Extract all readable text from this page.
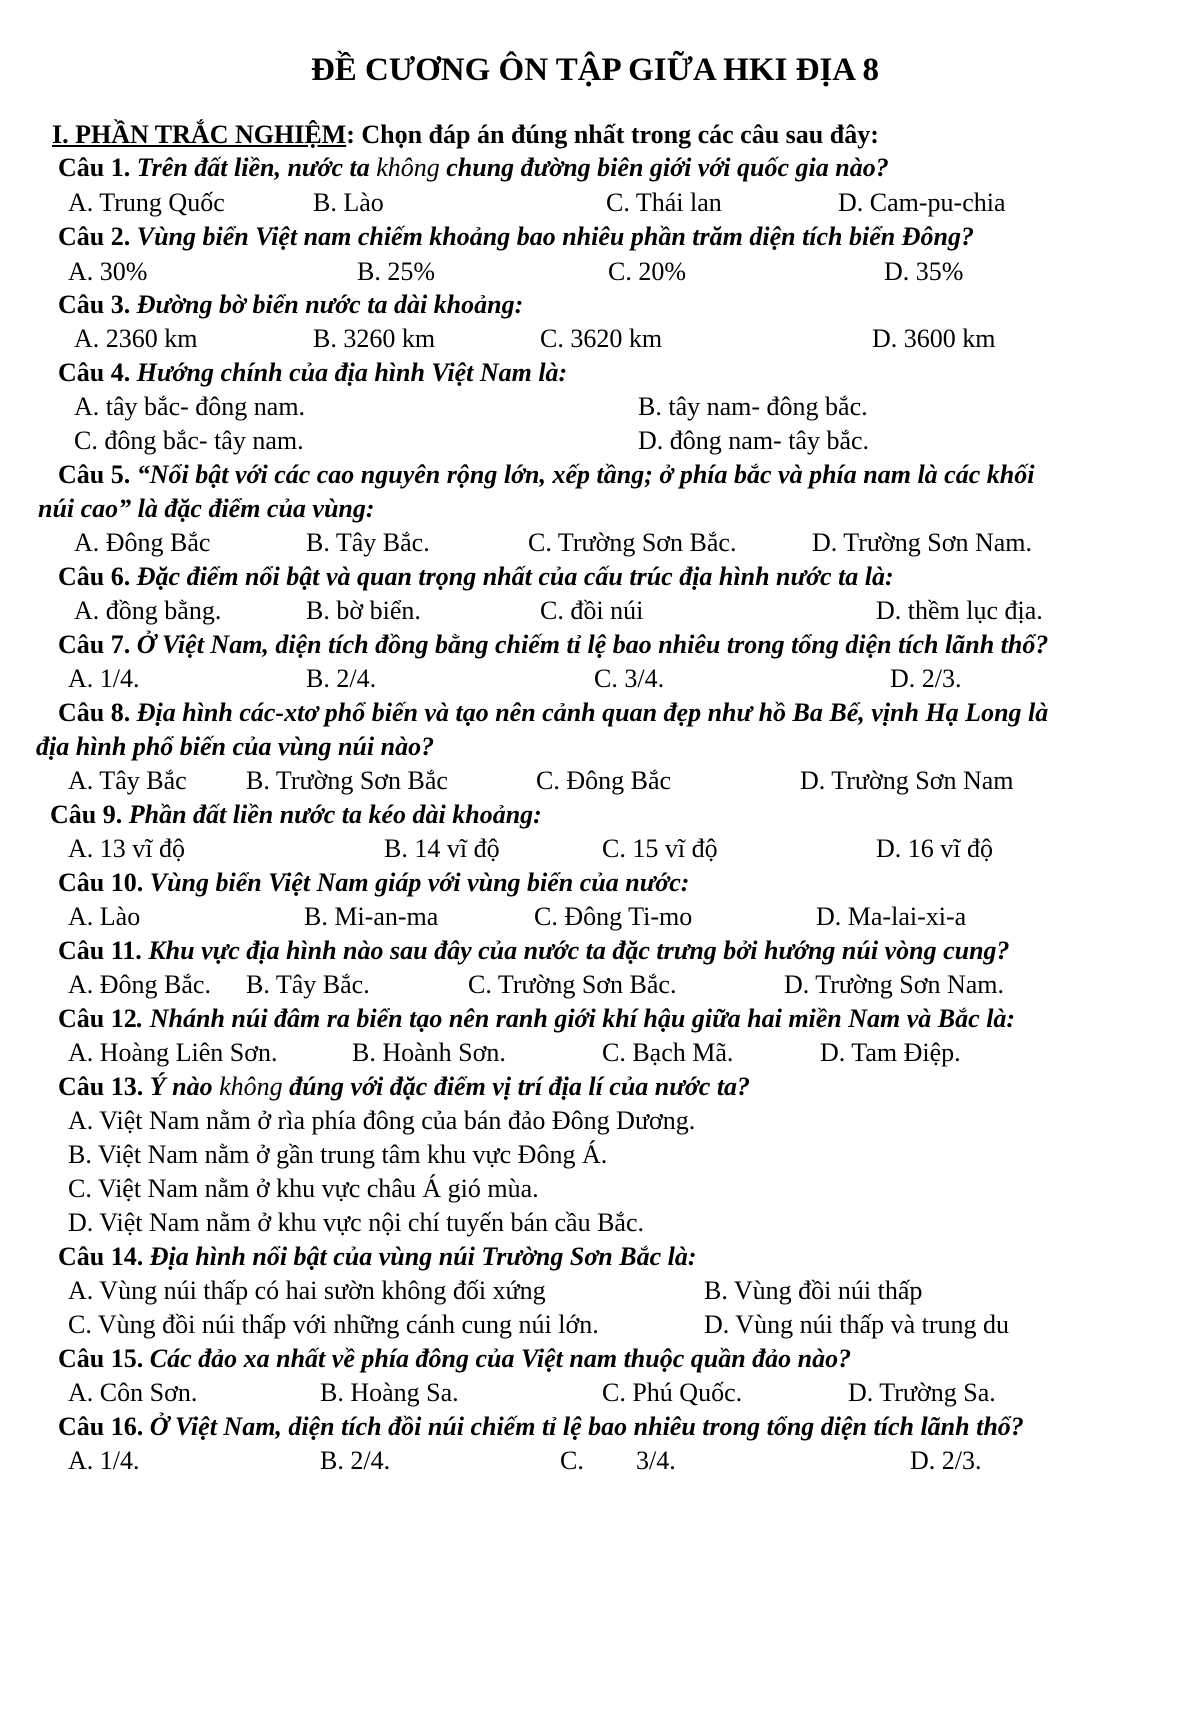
ĐỀ CƯƠNG ÔN TẬP GIỮA HKI ĐỊA 8
I. PHẦN TRẮC NGHIỆM: Chọn đáp án đúng nhất trong các câu sau đây:
Câu 1. Trên đất liền, nước ta không chung đường biên giới với quốc gia nào?
A. Trung Quốc	B. Lào	C. Thái lan	D. Cam-pu-chia
Câu 2. Vùng biển Việt nam chiếm khoảng bao nhiêu phần trăm diện tích biển Đông?
A. 30%	B. 25%	C. 20%	D. 35%
Câu 3. Đường bờ biển nước ta dài khoảng:
A. 2360 km	B. 3260 km	C. 3620 km	D. 3600 km
Câu 4. Hướng chính của địa hình Việt Nam là:
A. tây bắc- đông nam.	B. tây nam- đông bắc.
C. đông bắc- tây nam.	D. đông nam- tây bắc.
Câu 5. “Nổi bật với các cao nguyên rộng lớn, xếp tầng; ở phía bắc và phía nam là các khối
núi cao” là đặc điểm của vùng:
A. Đông Bắc	B. Tây Bắc.	C. Trường Sơn Bắc.	D. Trường Sơn Nam.
Câu 6. Đặc điểm nổi bật và quan trọng nhất của cấu trúc địa hình nước ta là:
A. đồng bằng.	B. bờ biển.	C. đồi núi	D. thềm lục địa.
Câu 7. Ở Việt Nam, diện tích đồng bằng chiếm tỉ lệ bao nhiêu trong tổng diện tích lãnh thổ?
A. 1/4.	B. 2/4.	C. 3/4.	D. 2/3.
Câu 8. Địa hình các-xtơ phổ biến và tạo nên cảnh quan đẹp như hồ Ba Bể, vịnh Hạ Long là
địa hình phổ biến của vùng núi nào?
A. Tây Bắc B. Trường Sơn Bắc	C. Đông Bắc	D. Trường Sơn Nam
Câu 9. Phần đất liền nước ta kéo dài khoảng:
A. 13 vĩ độ	B. 14 vĩ độ	C. 15 vĩ độ	D. 16 vĩ độ
Câu 10. Vùng biển Việt Nam giáp với vùng biển của nước:
A. Lào	B. Mi-an-ma	C. Đông Ti-mo	D. Ma-lai-xi-a
Câu 11. Khu vực địa hình nào sau đây của nước ta đặc trưng bởi hướng núi vòng cung?
A. Đông Bắc. B. Tây Bắc.	C. Trường Sơn Bắc.	D. Trường Sơn Nam.
Câu 12. Nhánh núi đâm ra biển tạo nên ranh giới khí hậu giữa hai miền Nam và Bắc là:
A. Hoàng Liên Sơn.	B. Hoành Sơn.	C. Bạch Mã.	D. Tam Điệp.
Câu 13. Ý nào không đúng với đặc điểm vị trí địa lí của nước ta?
A. Việt Nam nằm ở rìa phía đông của bán đảo Đông Dương.
B. Việt Nam nằm ở gần trung tâm khu vực Đông Á.
C. Việt Nam nằm ở khu vực châu Á gió mùa.
D. Việt Nam nằm ở khu vực nội chí tuyến bán cầu Bắc.
Câu 14. Địa hình nổi bật của vùng núi Trường Sơn Bắc là:
A. Vùng núi thấp có hai sườn không đối xứng	B. Vùng đồi núi thấp
C. Vùng đồi núi thấp với những cánh cung núi lớn.	D. Vùng núi thấp và trung du
Câu 15. Các đảo xa nhất về phía đông của Việt nam thuộc quần đảo nào?
A. Côn Sơn.	B. Hoàng Sa.	C. Phú Quốc.	D. Trường Sa.
Câu 16. Ở Việt Nam, diện tích đồi núi chiếm tỉ lệ bao nhiêu trong tổng diện tích lãnh thổ?
A. 1/4.	B. 2/4.	C. 3/4.	D. 2/3.
